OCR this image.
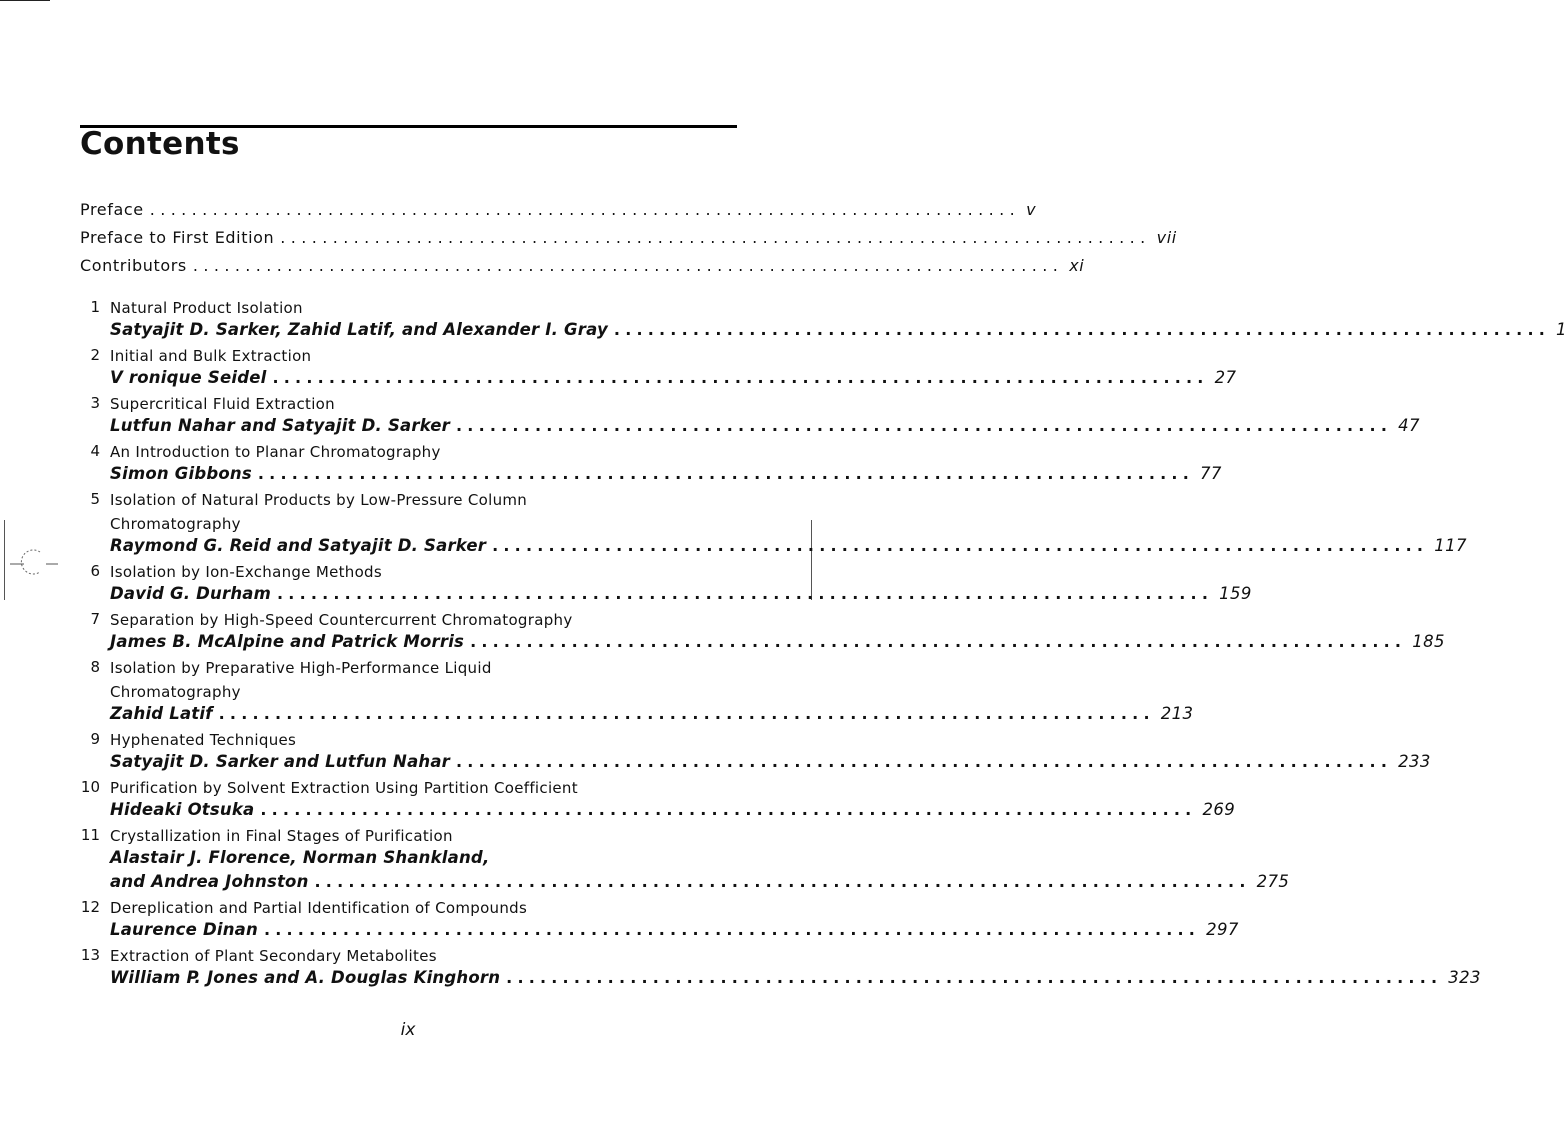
Contents
Preface ................................................................................... v
Preface to First Edition ................................................................................... vii
Contributors ................................................................................... xi
1 Natural Product Isolation
Satyajit D. Sarker, Zahid Latif, and Alexander I. Gray ................................................................................... 1
2 Initial and Bulk Extraction
V ronique Seidel ................................................................................... 27
3 Supercritical Fluid Extraction
Lutfun Nahar and Satyajit D. Sarker ................................................................................... 47
4 An Introduction to Planar Chromatography
Simon Gibbons ................................................................................... 77
5 Isolation of Natural Products by Low-Pressure Column
Chromatography
Raymond G. Reid and Satyajit D. Sarker ................................................................................... 117
6 Isolation by Ion-Exchange Methods
David G. Durham ................................................................................... 159
7 Separation by High-Speed Countercurrent Chromatography
James B. McAlpine and Patrick Morris ................................................................................... 185
8 Isolation by Preparative High-Performance Liquid
Chromatography
Zahid Latif ................................................................................... 213
9 Hyphenated Techniques
Satyajit D. Sarker and Lutfun Nahar ................................................................................... 233
10 Purification by Solvent Extraction Using Partition Coefficient
Hideaki Otsuka ................................................................................... 269
11 Crystallization in Final Stages of Purification
Alastair J. Florence, Norman Shankland,
and Andrea Johnston ................................................................................... 275
12 Dereplication and Partial Identification of Compounds
Laurence Dinan ................................................................................... 297
13 Extraction of Plant Secondary Metabolites
William P. Jones and A. Douglas Kinghorn ................................................................................... 323
ix
